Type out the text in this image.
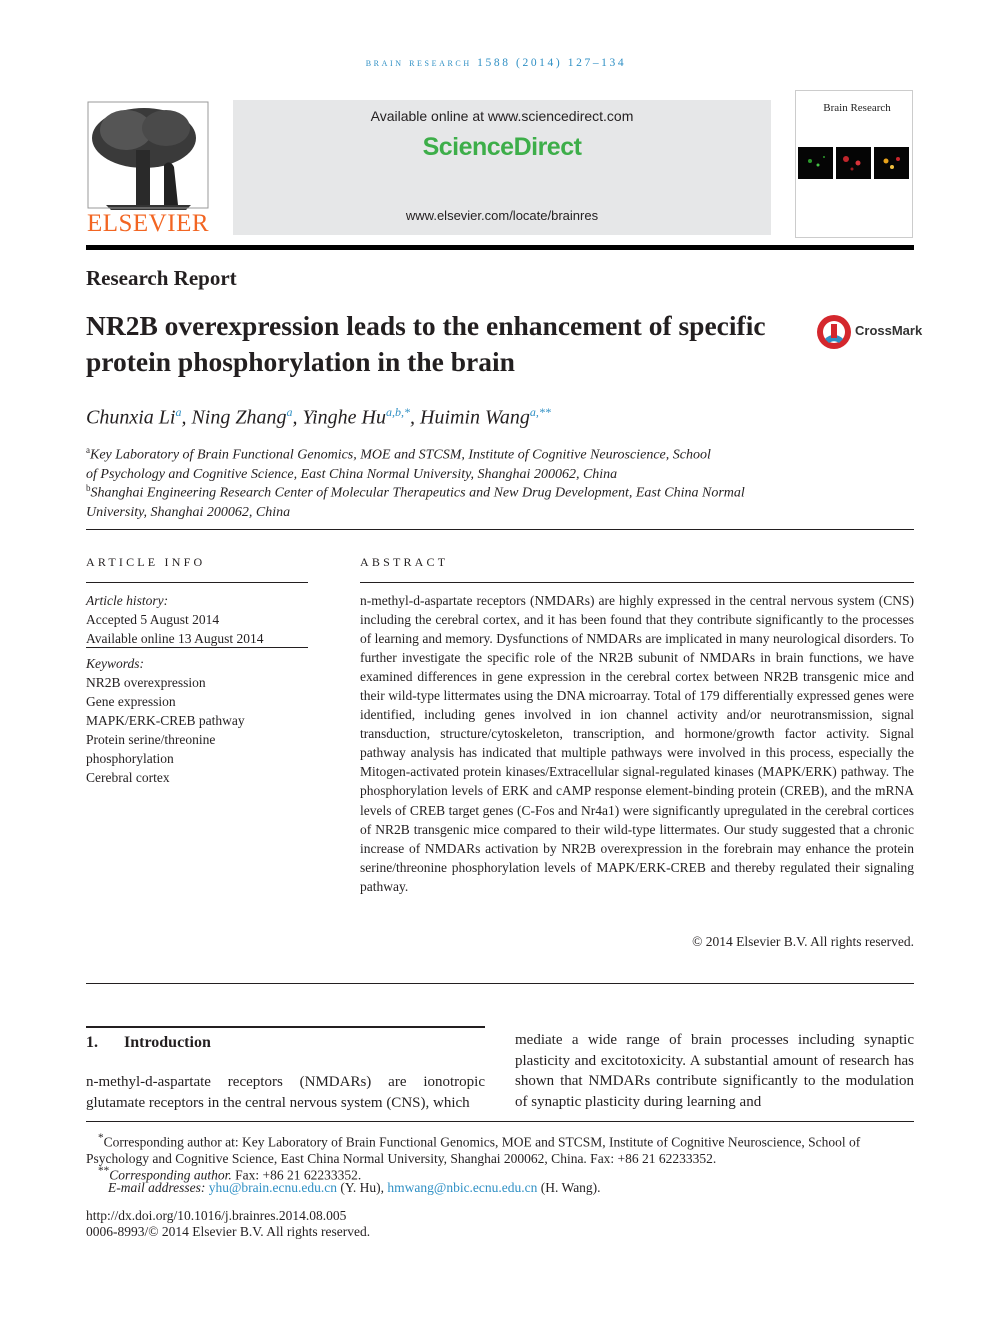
brain research 1588 (2014) 127–134
ELSEVIER
Available online at www.sciencedirect.com
ScienceDirect
www.elsevier.com/locate/brainres
Brain Research
Research Report
NR2B overexpression leads to the enhancement of specific protein phosphorylation in the brain
CrossMark
Chunxia Li$^a$, Ning Zhang$^a$, Yinghe $Hu^{a,b,*}$, Huimin Wang$^{a,**}$
$^a$Key Laboratory of Brain Functional Genomics, MOE and STCSM, Institute of Cognitive Neuroscience, School
of Psychology and Cognitive Science, East China Normal University, Shanghai 200062, China
$^b$Shanghai Engineering Research Center of Molecular Therapeutics and New Drug Development, East China Normal
University, Shanghai 200062, China
ARTICLE INFO
Article history:
Accepted 5 August 2014
Available online 13 August 2014
Keywords:
NR2B overexpression
Gene expression
MAPK/ERK-CREB pathway
Protein serine/threonine
phosphorylation
Cerebral cortex
ABSTRACT
n-methyl-d-aspartate receptors (NMDARs) are highly expressed in the central nervous system (CNS) including the cerebral cortex, and it has been found that they contribute significantly to the processes of learning and memory. Dysfunctions of NMDARs are implicated in many neurological disorders. To further investigate the specific role of the NR2B subunit of NMDARs in brain functions, we have examined differences in gene expression in the cerebral cortex between NR2B transgenic mice and their wild-type littermates using the DNA microarray. Total of 179 differentially expressed genes were identified, including genes involved in ion channel activity and/or neurotransmission, signal transduction, structure/cytoskeleton, transcription, and hormone/growth factor activity. Signal pathway analysis has indicated that multiple pathways were involved in this process, especially the Mitogen-activated protein kinases/Extracellular signal-regulated kinases (MAPK/ERK) pathway. The phosphorylation levels of ERK and cAMP response element-binding protein (CREB), and the mRNA levels of CREB target genes (C-Fos and Nr4a1) were significantly upregulated in the cerebral cortices of NR2B transgenic mice compared to their wild-type littermates. Our study suggested that a chronic increase of NMDARs activation by NR2B overexpression in the forebrain may enhance the protein serine/threonine phosphorylation levels of MAPK/ERK-CREB and thereby regulated their signaling pathway.
© 2014 Elsevier B.V. All rights reserved.
1. Introduction
n-methyl-d-aspartate receptors (NMDARs) are ionotropic glutamate receptors in the central nervous system (CNS), which
mediate a wide range of brain processes including synaptic plasticity and excitotoxicity. A substantial amount of research has shown that NMDARs contribute significantly to the modulation of synaptic plasticity during learning and
*Corresponding author at: Key Laboratory of Brain Functional Genomics, MOE and STCSM, Institute of Cognitive Neuroscience, School of Psychology and Cognitive Science, East China Normal University, Shanghai 200062, China. Fax: +86 21 62233352.
**Corresponding author. Fax: +86 21 62233352.
E-mail addresses: yhu@brain.ecnu.edu.cn (Y. Hu), hmwang@nbic.ecnu.edu.cn (H. Wang).
http://dx.doi.org/10.1016/j.brainres.2014.08.005
0006-8993/© 2014 Elsevier B.V. All rights reserved.
